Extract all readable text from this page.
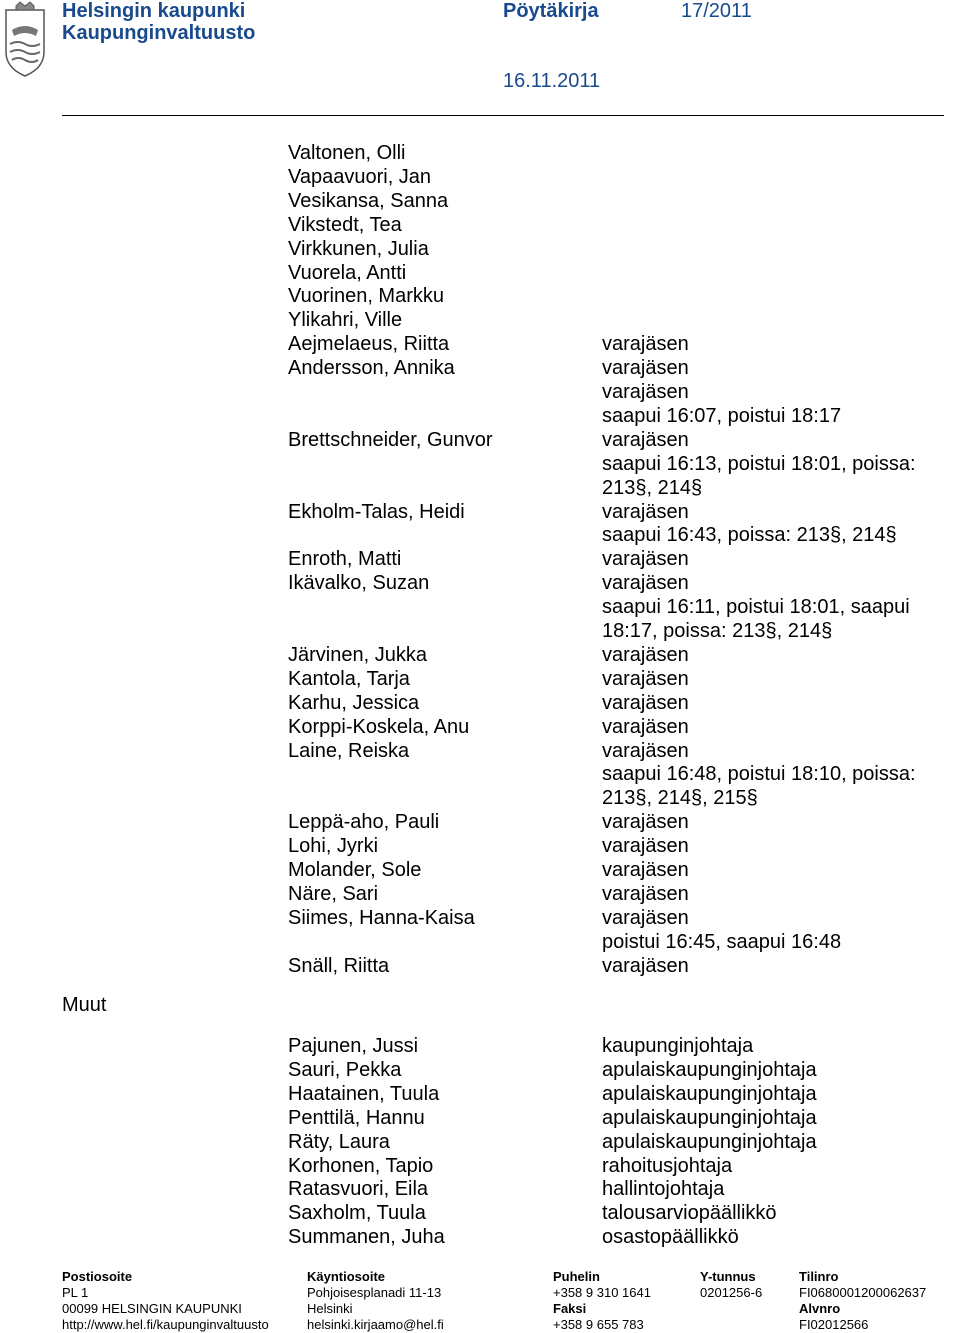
Helsingin kaupunki
Kaupunginvaltuusto
Pöytäkirja	17/2011
16.11.2011
Valtonen, Olli
Vapaavuori, Jan
Vesikansa, Sanna
Vikstedt, Tea
Virkkunen, Julia
Vuorela, Antti
Vuorinen, Markku
Ylikahri, Ville
Aejmelaeus, Riitta	varajäsen
Andersson, Annika	varajäsen
varajäsen
saapui 16:07, poistui 18:17
Brettschneider, Gunvor	varajäsen
saapui 16:13, poistui 18:01, poissa:
213§, 214§
Ekholm-Talas, Heidi	varajäsen
saapui 16:43, poissa: 213§, 214§
Enroth, Matti	varajäsen
Ikävalko, Suzan	varajäsen
saapui 16:11, poistui 18:01, saapui
18:17, poissa: 213§, 214§
Järvinen, Jukka	varajäsen
Kantola, Tarja	varajäsen
Karhu, Jessica	varajäsen
Korppi-Koskela, Anu	varajäsen
Laine, Reiska	varajäsen
saapui 16:48, poistui 18:10, poissa:
213§, 214§, 215§
Leppä-aho, Pauli	varajäsen
Lohi, Jyrki	varajäsen
Molander, Sole	varajäsen
Näre, Sari	varajäsen
Siimes, Hanna-Kaisa	varajäsen
poistui 16:45, saapui 16:48
Snäll, Riitta	varajäsen
Muut
Pajunen, Jussi	kaupunginjohtaja
Sauri, Pekka	apulaiskaupunginjohtaja
Haatainen, Tuula	apulaiskaupunginjohtaja
Penttilä, Hannu	apulaiskaupunginjohtaja
Räty, Laura	apulaiskaupunginjohtaja
Korhonen, Tapio	rahoitusjohtaja
Ratasvuori, Eila	hallintojohtaja
Saxholm, Tuula	talousarviopäällikkö
Summanen, Juha	osastopäällikkö
Postiosoite
PL 1
00099 HELSINGIN KAUPUNKI
http://www.hel.fi/kaupunginvaltuusto
Käyntiosoite
Pohjoisesplanadi 11-13
Helsinki
helsinki.kirjaamo@hel.fi
Puhelin
+358 9 310 1641
Faksi
+358 9 655 783
Y-tunnus
0201256-6
Tilinro
FI0680001200062637
Alvnro
FI02012566
